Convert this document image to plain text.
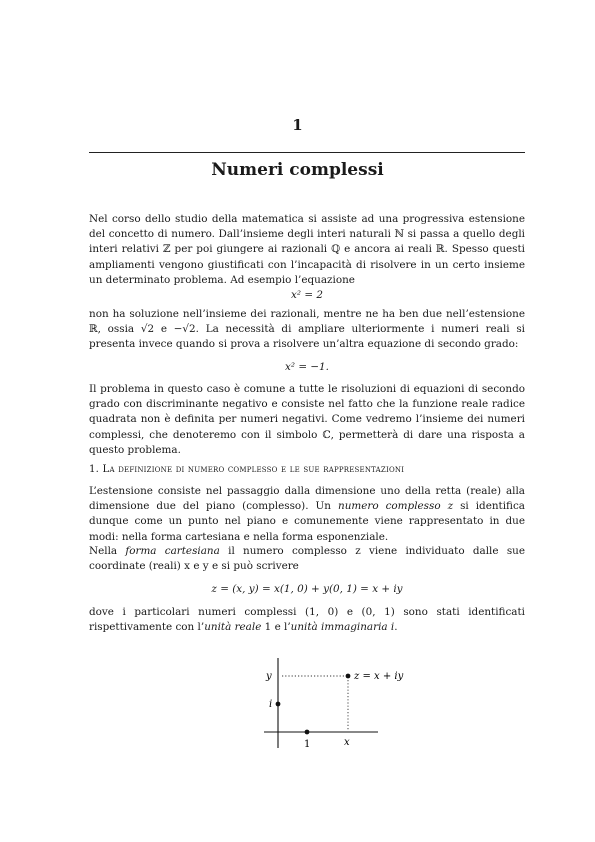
1
Numeri complessi
Nel corso dello studio della matematica si assiste ad una progressiva estensione del concetto di numero. Dall’insieme degli interi naturali ℕ si passa a quello degli interi relativi ℤ per poi giungere ai razionali ℚ e ancora ai reali ℝ. Spesso questi ampliamenti vengono giustificati con l’incapacità di risolvere in un certo insieme un determinato problema. Ad esempio l’equazione
x² = 2
non ha soluzione nell’insieme dei razionali, mentre ne ha ben due nell’estensione ℝ, ossia √2 e −√2. La necessità di ampliare ulteriormente i numeri reali si presenta invece quando si prova a risolvere un’altra equazione di secondo grado:
x² = −1.
Il problema in questo caso è comune a tutte le risoluzioni di equazioni di secondo grado con discriminante negativo e consiste nel fatto che la funzione reale radice quadrata non è definita per numeri negativi. Come vedremo l’insieme dei numeri complessi, che denoteremo con il simbolo ℂ, permetterà di dare una risposta a questo problema.
1. La definizione di numero complesso e le sue rappresentazioni
L’estensione consiste nel passaggio dalla dimensione uno della retta (reale) alla dimensione due del piano (complesso). Un numero complesso z si identifica dunque come un punto nel piano e comunemente viene rappresentato in due modi: nella forma cartesiana e nella forma esponenziale.
Nella forma cartesiana il numero complesso z viene individuato dalle sue coordinate (reali) x e y e si può scrivere
z = (x, y) = x(1, 0) + y(0, 1) = x + iy
dove i particolari numeri complessi (1, 0) e (0, 1) sono stati identificati rispettivamente con l’unità reale 1 e l’unità immaginaria i.
y
i
1	x
z = x + iy
